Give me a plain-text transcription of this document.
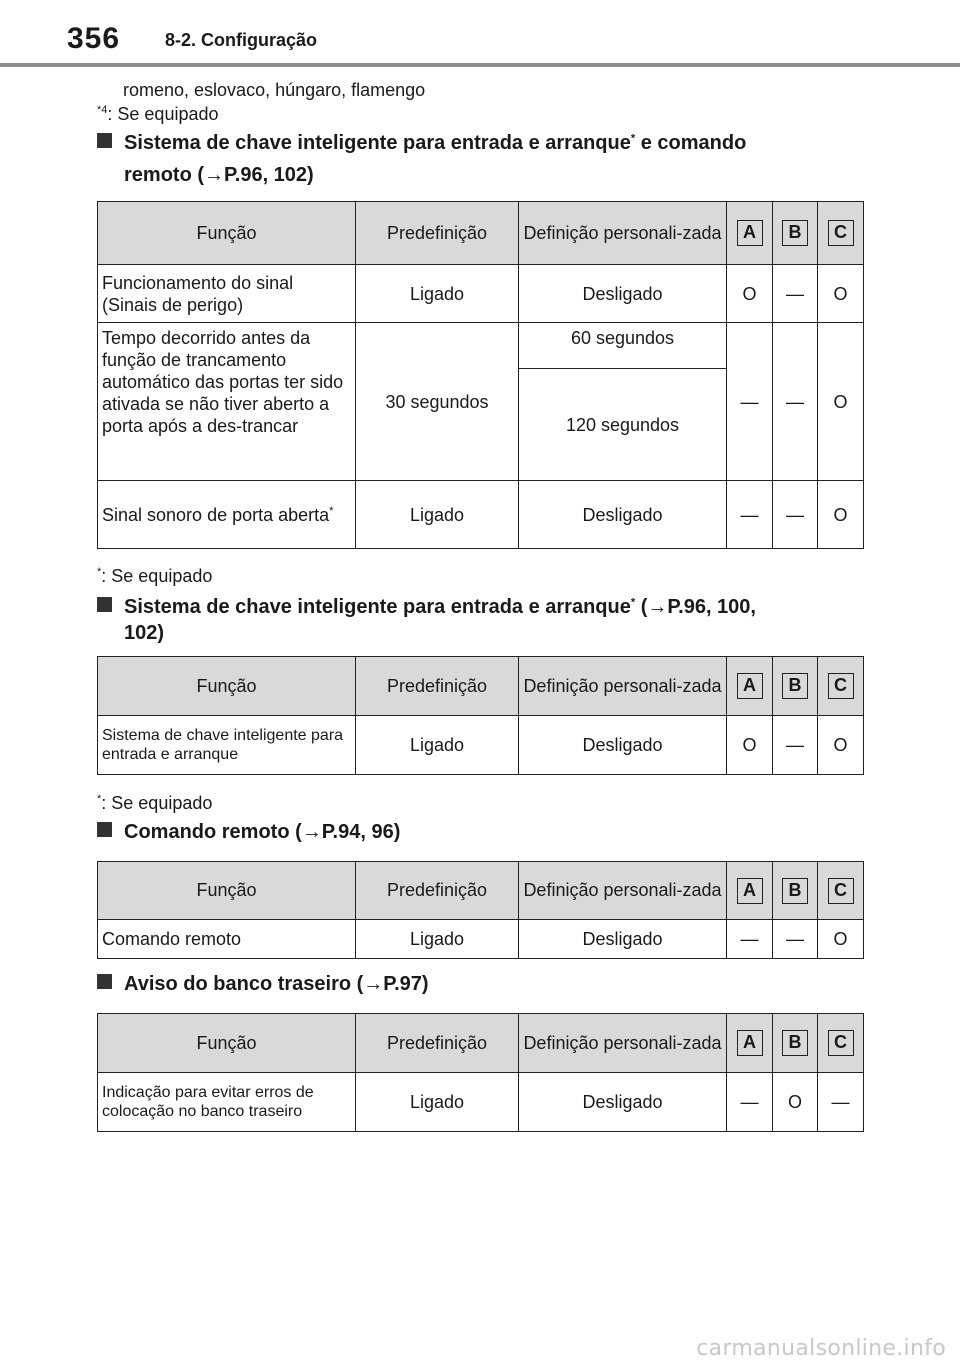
356 8-2. Configuração
romeno, eslovaco, húngaro, flamengo
$^{*4}$: Se equipado
Sistema de chave inteligente para entrada e arranque* e comando
remoto (→P.96, 102)
Função	Predefinição	Definição personali-zada	A	B	C
Funcionamento do sinal (Sinais de perigo)	Ligado	Desligado	O	—	O
Tempo decorrido antes da função de trancamento automático das portas ter sido ativada se não tiver aberto a porta após a des-trancar	30 segundos	60 segundos	—	—	O
		120 segundos			
Sinal sonoro de porta aberta*	Ligado	Desligado	—	—	O
*: Se equipado
Sistema de chave inteligente para entrada e arranque* (→P.96, 100,
102)
Função	Predefinição	Definição personali-zada	A	B	C
Sistema de chave inteligente para entrada e arranque	Ligado	Desligado	O	—	O
*: Se equipado
Comando remoto (→P.94, 96)
Função	Predefinição	Definição personali-zada	A	B	C
Comando remoto	Ligado	Desligado	—	—	O
Aviso do banco traseiro (→P.97)
Função	Predefinição	Definição personali-zada	A	B	C
Indicação para evitar erros de colocação no banco traseiro	Ligado	Desligado	—	O	—
carmanualsonline.info
